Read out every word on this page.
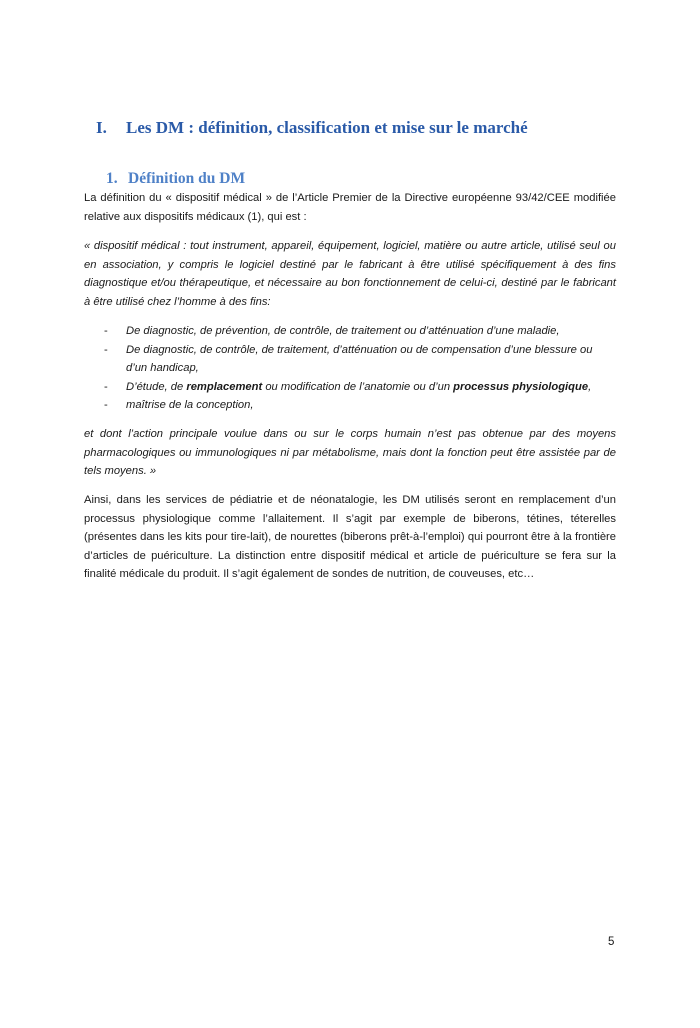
I. Les DM : définition, classification et mise sur le marché
1. Définition du DM

La définition du « dispositif médical » de l’Article Premier de la Directive européenne 93/42/CEE modifiée relative aux dispositifs médicaux (1), qui est :

« dispositif médical : tout instrument, appareil, équipement, logiciel, matière ou autre article, utilisé seul ou en association, y compris le logiciel destiné par le fabricant à être utilisé spécifiquement à des fins diagnostique et/ou thérapeutique, et nécessaire au bon fonctionnement de celui-ci, destiné par le fabricant à être utilisé chez l’homme à des fins:

- De diagnostic, de prévention, de contrôle, de traitement ou d’atténuation d’une maladie,
- De diagnostic, de contrôle, de traitement, d’atténuation ou de compensation d’une blessure ou d’un handicap,
- D’étude, de remplacement ou modification de l’anatomie ou d’un processus physiologique,
- maîtrise de la conception,

et dont l’action principale voulue dans ou sur le corps humain n’est pas obtenue par des moyens pharmacologiques ou immunologiques ni par métabolisme, mais dont la fonction peut être assistée par de tels moyens. »

Ainsi, dans les services de pédiatrie et de néonatalogie, les DM utilisés seront en remplacement d’un processus physiologique comme l’allaitement. Il s’agit par exemple de biberons, tétines, téterelles (présentes dans les kits pour tire-lait), de nourettes (biberons prêt-à-l’emploi) qui pourront être à la frontière d’articles de puériculture. La distinction entre dispositif médical et article de puériculture se fera sur la finalité médicale du produit. Il s’agit également de sondes de nutrition, de couveuses, etc…

5
